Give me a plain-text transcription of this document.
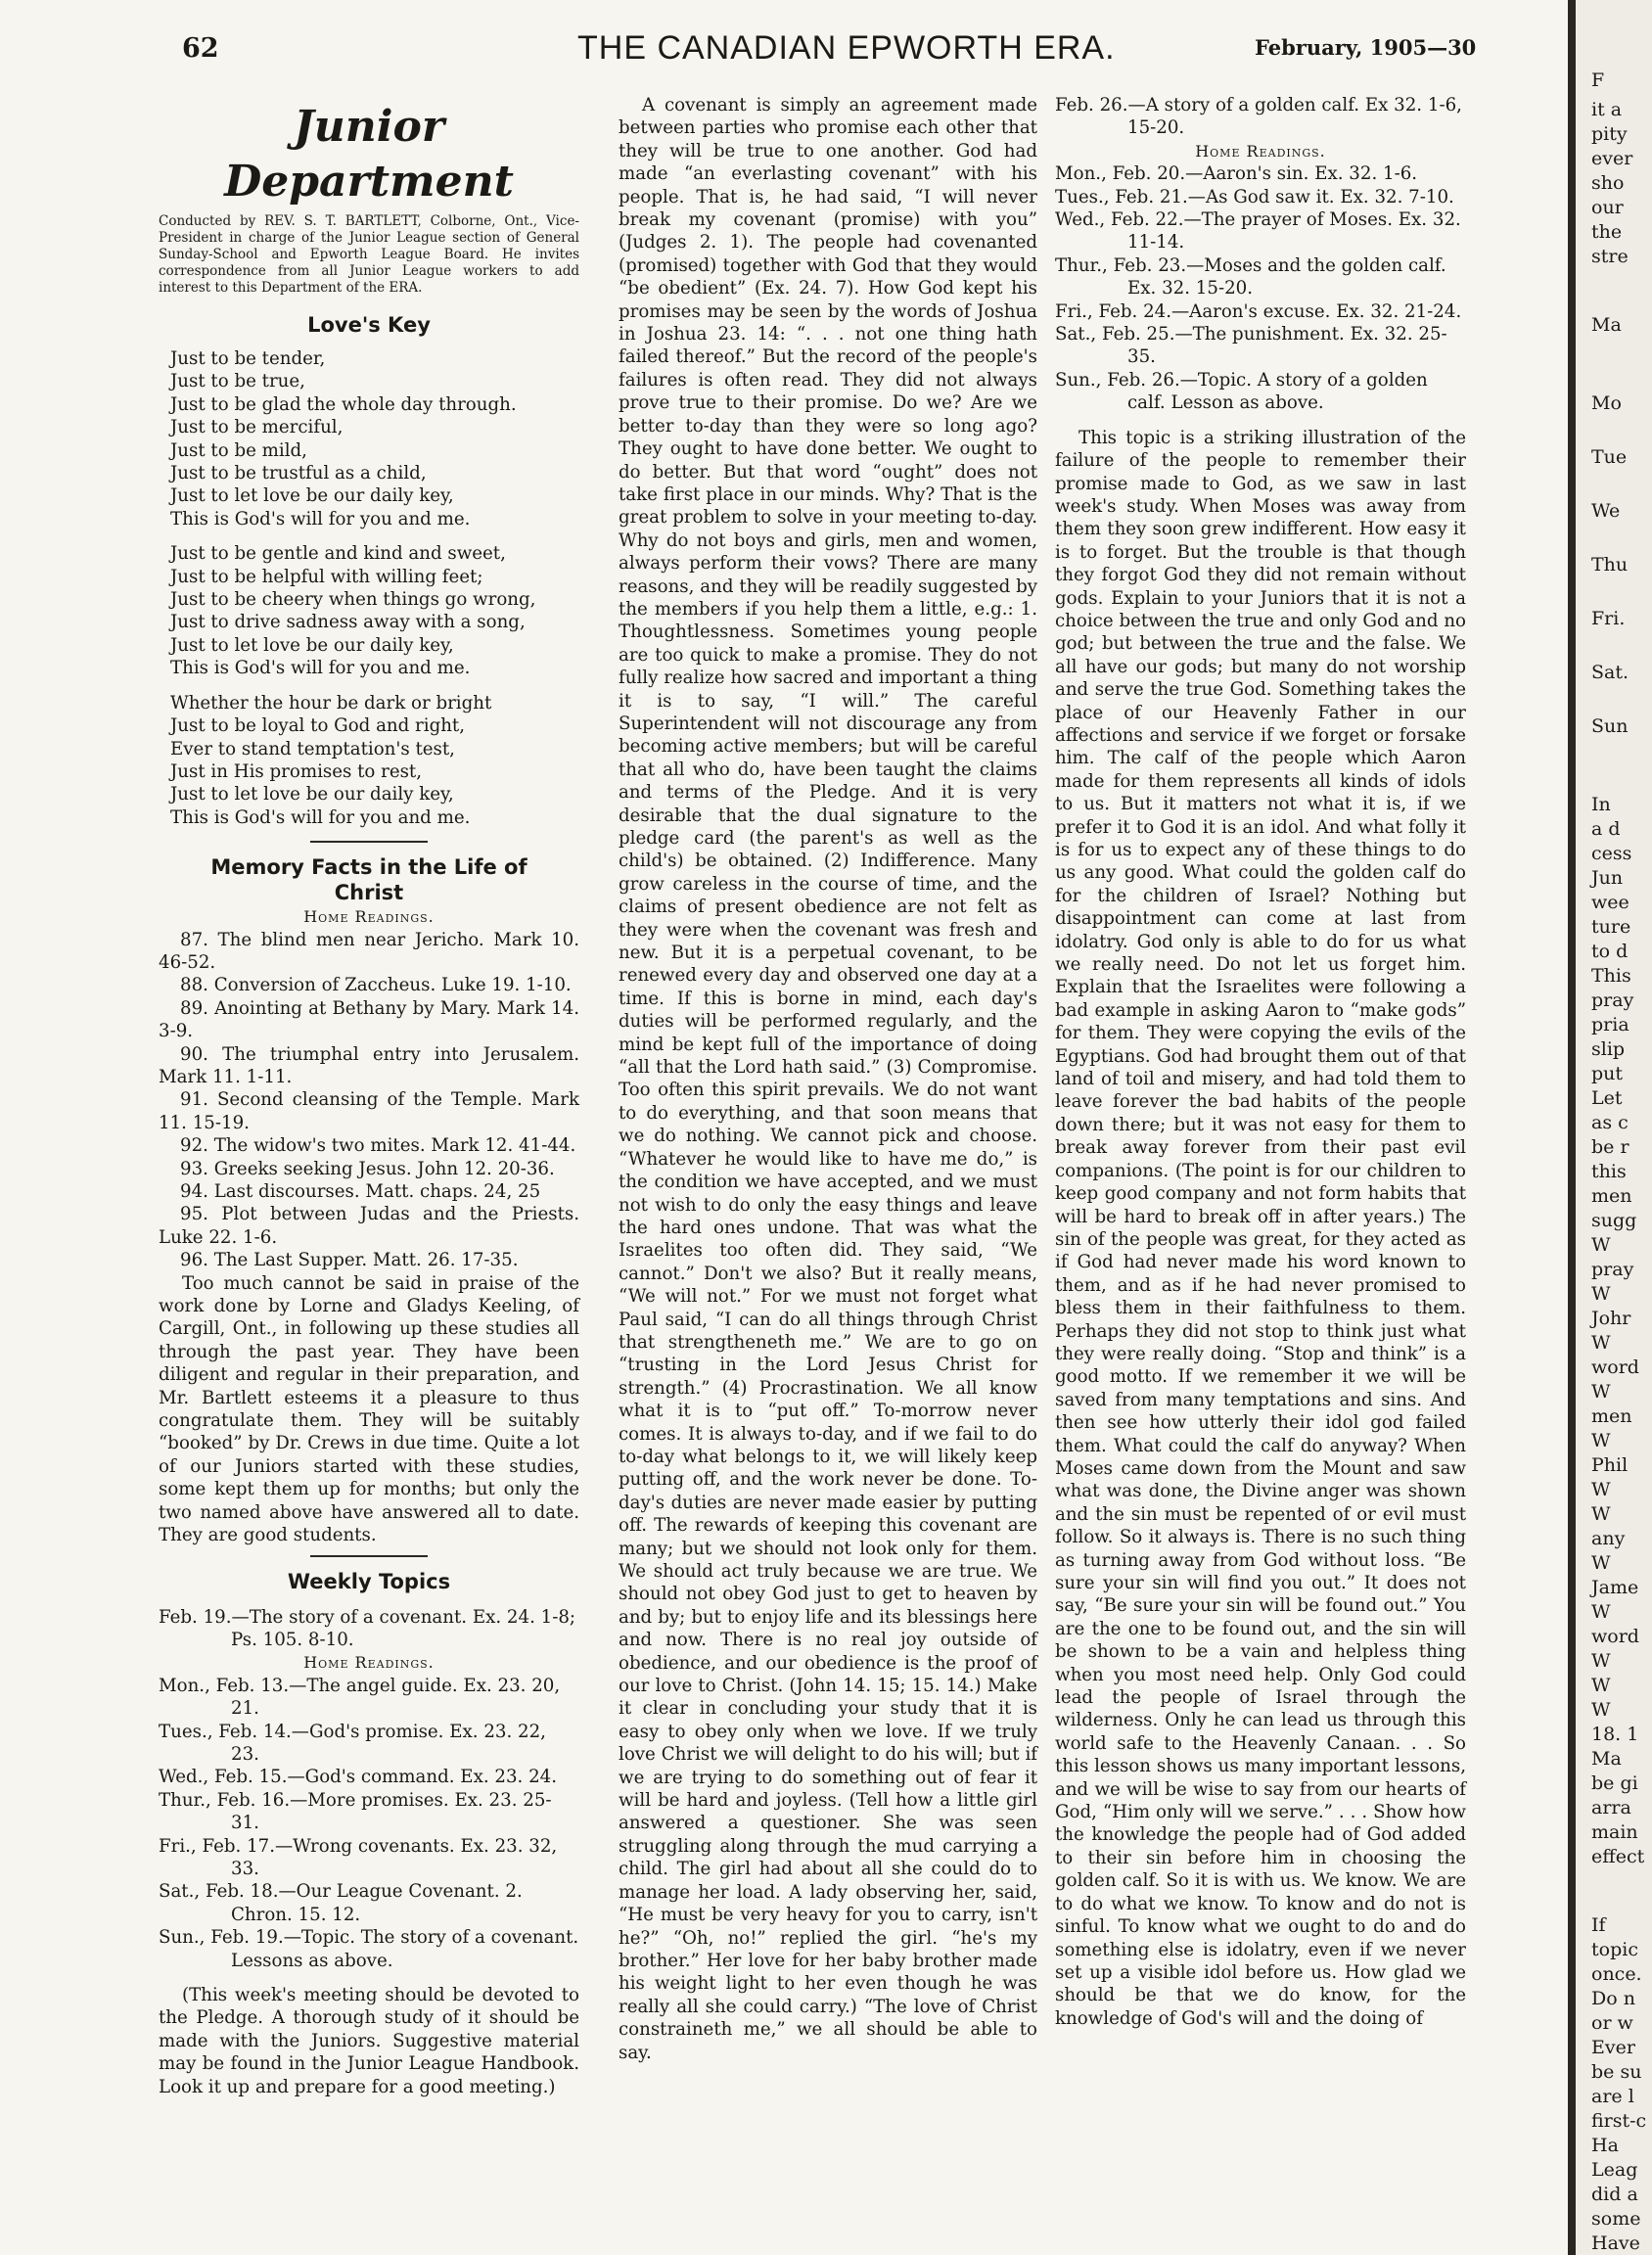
62	THE CANADIAN EPWORTH ERA.	February, 1905—30
Junior Department

Conducted by REV. S. T. BARTLETT, Colborne, Ont., Vice-President in charge of the Junior League section of General Sunday-School and Epworth League Board. He invites correspondence from all Junior League workers to add interest to this Department of the ERA.

Love's Key

Just to be tender,
Just to be true,
Just to be glad the whole day through.
Just to be merciful,
Just to be mild,
Just to be trustful as a child,
Just to let love be our daily key,
This is God's will for you and me.
Just to be gentle and kind and sweet,
Just to be helpful with willing feet;
Just to be cheery when things go wrong,
Just to drive sadness away with a song,
Just to let love be our daily key,
This is God's will for you and me.
Whether the hour be dark or bright
Just to be loyal to God and right,
Ever to stand temptation's test,
Just in His promises to rest,
Just to let love be our daily key,
This is God's will for you and me.

Memory Facts in the Life of

Christ

Home Readings.

87. The blind men near Jericho. Mark 10. 46-52.

88. Conversion of Zaccheus. Luke 19. 1-10.

89. Anointing at Bethany by Mary. Mark 14. 3-9.

90. The triumphal entry into Jerusalem. Mark 11. 1-11.

91. Second cleansing of the Temple. Mark 11. 15-19.

92. The widow's two mites. Mark 12. 41-44.

93. Greeks seeking Jesus. John 12. 20-36.

94. Last discourses. Matt. chaps. 24, 25

95. Plot between Judas and the Priests. Luke 22. 1-6.

96. The Last Supper. Matt. 26. 17-35.

Too much cannot be said in praise of the work done by Lorne and Gladys Keeling, of Cargill, Ont., in following up these studies all through the past year. They have been diligent and regular in their preparation, and Mr. Bartlett esteems it a pleasure to thus congratulate them. They will be suitably “booked” by Dr. Crews in due time. Quite a lot of our Juniors started with these studies, some kept them up for months; but only the two named above have answered all to date. They are good students.

Weekly Topics

Feb. 19.—The story of a covenant. Ex. 24. 1-8; Ps. 105. 8-10.

Home Readings.

Mon., Feb. 13.—The angel guide. Ex. 23. 20, 21.

Tues., Feb. 14.—God's promise. Ex. 23. 22, 23.

Wed., Feb. 15.—God's command. Ex. 23. 24.

Thur., Feb. 16.—More promises. Ex. 23. 25-31.

Fri., Feb. 17.—Wrong covenants. Ex. 23. 32, 33.

Sat., Feb. 18.—Our League Covenant. 2. Chron. 15. 12.

Sun., Feb. 19.—Topic. The story of a covenant. Lessons as above.

(This week's meeting should be devoted to the Pledge. A thorough study of it should be made with the Juniors. Suggestive material may be found in the Junior League Handbook. Look it up and prepare for a good meeting.)

A covenant is simply an agreement made between parties who promise each other that they will be true to one another. God had made “an everlasting covenant” with his people. That is, he had said, “I will never break my covenant (promise) with you” (Judges 2. 1). The people had covenanted (promised) together with God that they would “be obedient” (Ex. 24. 7). How God kept his promises may be seen by the words of Joshua in Joshua 23. 14: “. . . not one thing hath failed thereof.” But the record of the people's failures is often read. They did not always prove true to their promise. Do we? Are we better to-day than they were so long ago? They ought to have done better. We ought to do better. But that word “ought” does not take first place in our minds. Why? That is the great problem to solve in your meeting to-day. Why do not boys and girls, men and women, always perform their vows? There are many reasons, and they will be readily suggested by the members if you help them a little, e.g.: 1. Thoughtlessness. Sometimes young people are too quick to make a promise. They do not fully realize how sacred and important a thing it is to say, “I will.” The careful Superintendent will not discourage any from becoming active members; but will be careful that all who do, have been taught the claims and terms of the Pledge. And it is very desirable that the dual signature to the pledge card (the parent's as well as the child's) be obtained. (2) Indifference. Many grow careless in the course of time, and the claims of present obedience are not felt as they were when the covenant was fresh and new. But it is a perpetual covenant, to be renewed every day and observed one day at a time. If this is borne in mind, each day's duties will be performed regularly, and the mind be kept full of the importance of doing “all that the Lord hath said.” (3) Compromise. Too often this spirit prevails. We do not want to do everything, and that soon means that we do nothing. We cannot pick and choose. “Whatever he would like to have me do,” is the condition we have accepted, and we must not wish to do only the easy things and leave the hard ones undone. That was what the Israelites too often did. They said, “We cannot.” Don't we also? But it really means, “We will not.” For we must not forget what Paul said, “I can do all things through Christ that strengtheneth me.” We are to go on “trusting in the Lord Jesus Christ for strength.” (4) Procrastination. We all know what it is to “put off.” To-morrow never comes. It is always to-day, and if we fail to do to-day what belongs to it, we will likely keep putting off, and the work never be done. To-day's duties are never made easier by putting off. The rewards of keeping this covenant are many; but we should not look only for them. We should act truly because we are true. We should not obey God just to get to heaven by and by; but to enjoy life and its blessings here and now. There is no real joy outside of obedience, and our obedience is the proof of our love to Christ. (John 14. 15; 15. 14.) Make it clear in concluding your study that it is easy to obey only when we love. If we truly love Christ we will delight to do his will; but if we are trying to do something out of fear it will be hard and joyless. (Tell how a little girl answered a questioner. She was seen struggling along through the mud carrying a child. The girl had about all she could do to manage her load. A lady observing her, said, “He must be very heavy for you to carry, isn't he?” “Oh, no!” replied the girl. “he's my brother.” Her love for her baby brother made his weight light to her even though he was really all she could carry.) “The love of Christ constraineth me,” we all should be able to say.

Feb. 26.—A story of a golden calf. Ex 32. 1-6, 15-20.

Home Readings.

Mon., Feb. 20.—Aaron's sin. Ex. 32. 1-6.

Tues., Feb. 21.—As God saw it. Ex. 32. 7-10.

Wed., Feb. 22.—The prayer of Moses. Ex. 32. 11-14.

Thur., Feb. 23.—Moses and the golden calf. Ex. 32. 15-20.

Fri., Feb. 24.—Aaron's excuse. Ex. 32. 21-24.

Sat., Feb. 25.—The punishment. Ex. 32. 25-35.

Sun., Feb. 26.—Topic. A story of a golden calf. Lesson as above.

This topic is a striking illustration of the failure of the people to remember their promise made to God, as we saw in last week's study. When Moses was away from them they soon grew indifferent. How easy it is to forget. But the trouble is that though they forgot God they did not remain without gods. Explain to your Juniors that it is not a choice between the true and only God and no god; but between the true and the false. We all have our gods; but many do not worship and serve the true God. Something takes the place of our Heavenly Father in our affections and service if we forget or forsake him. The calf of the people which Aaron made for them represents all kinds of idols to us. But it matters not what it is, if we prefer it to God it is an idol. And what folly it is for us to expect any of these things to do us any good. What could the golden calf do for the children of Israel? Nothing but disappointment can come at last from idolatry. God only is able to do for us what we really need. Do not let us forget him. Explain that the Israelites were following a bad example in asking Aaron to “make gods” for them. They were copying the evils of the Egyptians. God had brought them out of that land of toil and misery, and had told them to leave forever the bad habits of the people down there; but it was not easy for them to break away forever from their past evil companions. (The point is for our children to keep good company and not form habits that will be hard to break off in after years.) The sin of the people was great, for they acted as if God had never made his word known to them, and as if he had never promised to bless them in their faithfulness to them. Perhaps they did not stop to think just what they were really doing. “Stop and think” is a good motto. If we remember it we will be saved from many temptations and sins. And then see how utterly their idol god failed them. What could the calf do anyway? When Moses came down from the Mount and saw what was done, the Divine anger was shown and the sin must be repented of or evil must follow. So it always is. There is no such thing as turning away from God without loss. “Be sure your sin will find you out.” It does not say, “Be sure your sin will be found out.” You are the one to be found out, and the sin will be shown to be a vain and helpless thing when you most need help. Only God could lead the people of Israel through the wilderness. Only he can lead us through this world safe to the Heavenly Canaan. . . So this lesson shows us many important lessons, and we will be wise to say from our hearts of God, “Him only will we serve.” . . . Show how the knowledge the people had of God added to their sin before him in choosing the golden calf. So it is with us. We know. We are to do what we know. To know and do not is sinful. To know what we ought to do and do something else is idolatry, even if we never set up a visible idol before us. How glad we should be that we do know, for the knowledge of God's will and the doing of

F
it a
pity
ever
sho
our
the
stre
Ma
Mo
Tue
We
Thu
Fri.
Sat.
Sun
In
a d
cess
Jun
wee
ture
to d
This
pray
pria
slip
put
Let
as c
be r
this
men
sugg
W
pray
W
Johr
W
word
W
men
W
Phil
W
W
any
W
Jame
W
word
W
W
W
18. 1
Ma
be gi
arra
main
effect
If
topic
once.
Do n
or w
Ever
be su
are l
first-c
Ha
Leag
did a
some
Have
